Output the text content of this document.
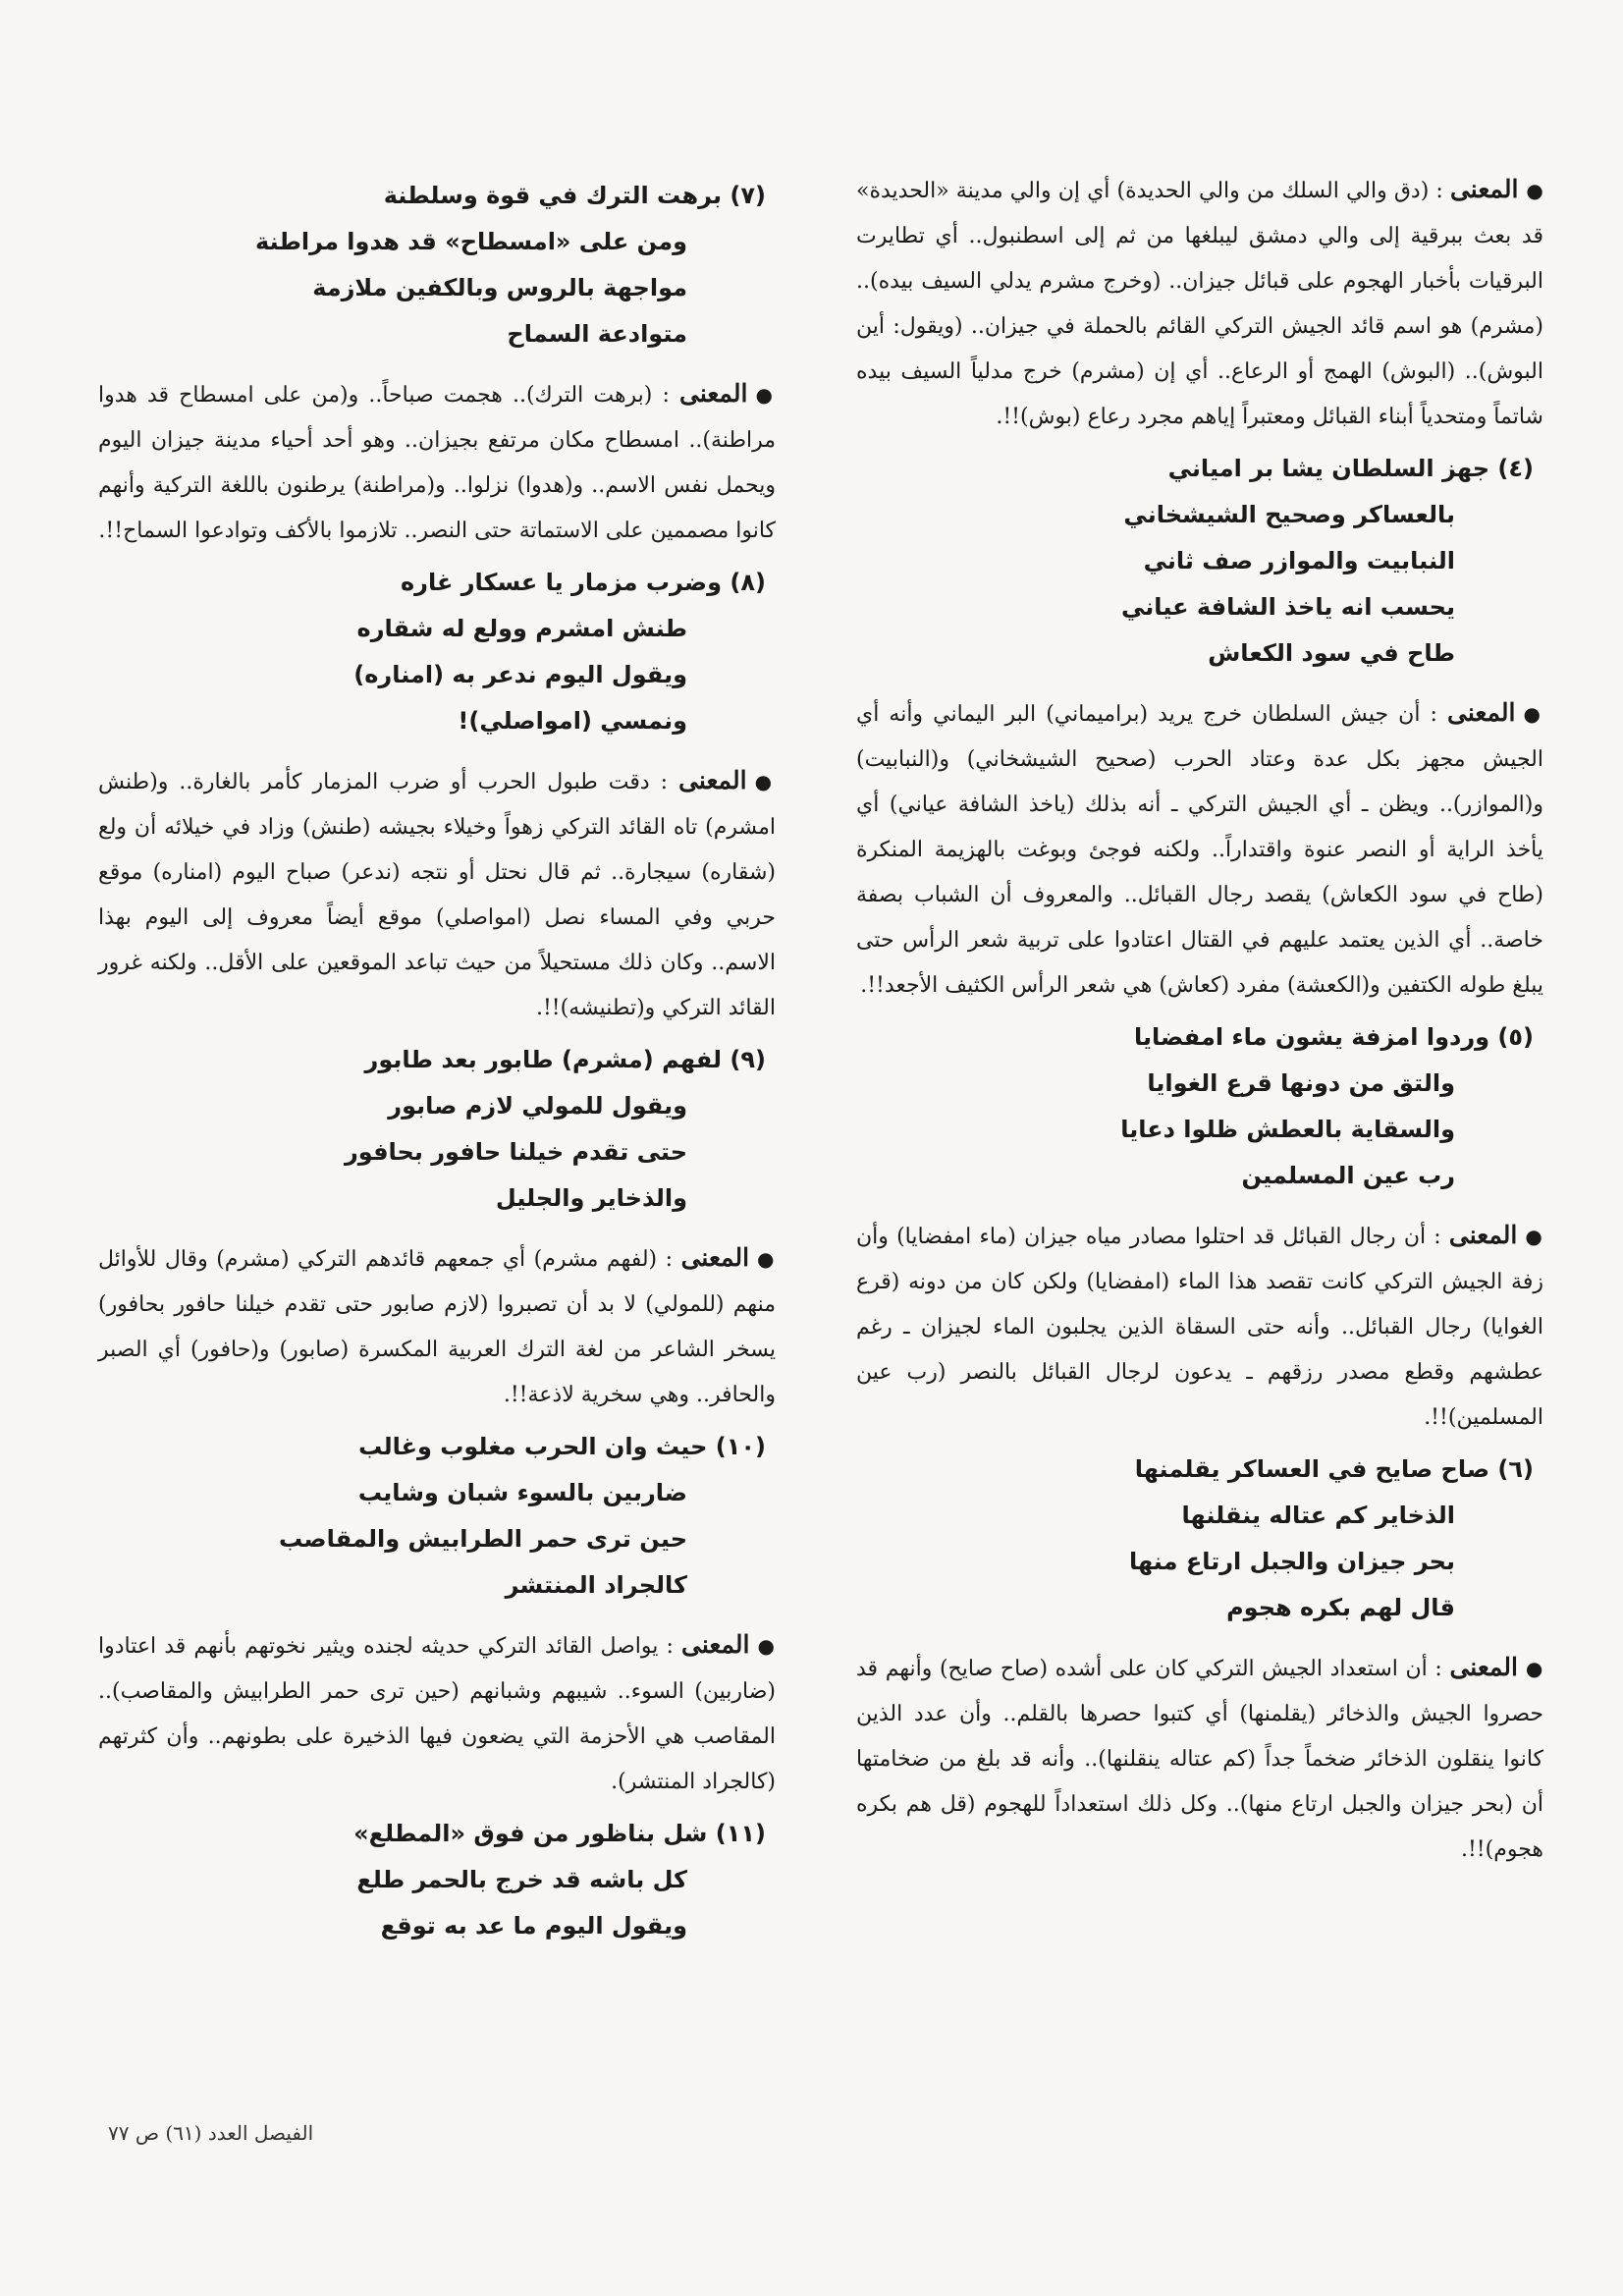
●المعنى : (دق والي السلك من والي الحديدة) أي إن والي مدينة «الحديدة» قد بعث ببرقية إلى والي دمشق ليبلغها من ثم إلى اسطنبول.. أي تطايرت البرقيات بأخبار الهجوم على قبائل جيزان.. (وخرج مشرم يدلي السيف بيده).. (مشرم) هو اسم قائد الجيش التركي القائم بالحملة في جيزان.. (ويقول: أين البوش).. (البوش) الهمج أو الرعاع.. أي إن (مشرم) خرج مدلياً السيف بيده شاتماً ومتحدياً أبناء القبائل ومعتبراً إياهم مجرد رعاع (بوش)!!.

(٤) جهز السلطان يشا بر امياني
بالعساكر وصحيح الشيشخاني
النبابيت والموازر صف ثاني
يحسب انه ياخذ الشافة عياني
طاح في سود الكعاش

●المعنى : أن جيش السلطان خرج يريد (براميماني) البر اليماني وأنه أي الجيش مجهز بكل عدة وعتاد الحرب (صحيح الشيشخاني) و(النبابيت) و(الموازر).. ويظن ـ أي الجيش التركي ـ أنه بذلك (ياخذ الشافة عياني) أي يأخذ الراية أو النصر عنوة واقتداراً.. ولكنه فوجئ وبوغت بالهزيمة المنكرة (طاح في سود الكعاش) يقصد رجال القبائل.. والمعروف أن الشباب بصفة خاصة.. أي الذين يعتمد عليهم في القتال اعتادوا على تربية شعر الرأس حتى يبلغ طوله الكتفين و(الكعشة) مفرد (كعاش) هي شعر الرأس الكثيف الأجعد!!.

(٥) وردوا امزفة يشون ماء امفضايا
والتق من دونها قرع الغوايا
والسقاية بالعطش ظلوا دعايا
رب عين المسلمين

●المعنى : أن رجال القبائل قد احتلوا مصادر مياه جيزان (ماء امفضايا) وأن زفة الجيش التركي كانت تقصد هذا الماء (امفضايا) ولكن كان من دونه (قرع الغوايا) رجال القبائل.. وأنه حتى السقاة الذين يجلبون الماء لجيزان ـ رغم عطشهم وقطع مصدر رزقهم ـ يدعون لرجال القبائل بالنصر (رب عين المسلمين)!!.

(٦) صاح صايح في العساكر يقلمنها
الذخاير كم عتاله ينقلنها
بحر جيزان والجبل ارتاع منها
قال لهم بكره هجوم

●المعنى : أن استعداد الجيش التركي كان على أشده (صاح صايح) وأنهم قد حصروا الجيش والذخائر (يقلمنها) أي كتبوا حصرها بالقلم.. وأن عدد الذين كانوا ينقلون الذخائر ضخماً جداً (كم عتاله ينقلنها).. وأنه قد بلغ من ضخامتها أن (بحر جيزان والجبل ارتاع منها).. وكل ذلك استعداداً للهجوم (قل هم بكره هجوم)!!.

(٧) برهت الترك في قوة وسلطنة
ومن على «امسطاح» قد هدوا مراطنة
مواجهة بالروس وبالكفين ملازمة
متوادعة السماح

●المعنى : (برهت الترك).. هجمت صباحاً.. و(من على امسطاح قد هدوا مراطنة).. امسطاح مكان مرتفع بجيزان.. وهو أحد أحياء مدينة جيزان اليوم ويحمل نفس الاسم.. و(هدوا) نزلوا.. و(مراطنة) يرطنون باللغة التركية وأنهم كانوا مصممين على الاستماتة حتى النصر.. تلازموا بالأكف وتوادعوا السماح!!.

(٨) وضرب مزمار يا عسكار غاره
طنش امشرم وولع له شقاره
ويقول اليوم ندعر به (امناره)
ونمسي (امواصلي)!

●المعنى : دقت طبول الحرب أو ضرب المزمار كأمر بالغارة.. و(طنش امشرم) تاه القائد التركي زهواً وخيلاء بجيشه (طنش) وزاد في خيلائه أن ولع (شقاره) سيجارة.. ثم قال نحتل أو نتجه (ندعر) صباح اليوم (امناره) موقع حربي وفي المساء نصل (امواصلي) موقع أيضاً معروف إلى اليوم بهذا الاسم.. وكان ذلك مستحيلاً من حيث تباعد الموقعين على الأقل.. ولكنه غرور القائد التركي و(تطنيشه)!!.

(٩) لفهم (مشرم) طابور بعد طابور
ويقول للمولي لازم صابور
حتى تقدم خيلنا حافور بحافور
والذخاير والجليل

●المعنى : (لفهم مشرم) أي جمعهم قائدهم التركي (مشرم) وقال للأوائل منهم (للمولي) لا بد أن تصبروا (لازم صابور حتى تقدم خيلنا حافور بحافور) يسخر الشاعر من لغة الترك العربية المكسرة (صابور) و(حافور) أي الصبر والحافر.. وهي سخرية لاذعة!!.

(١٠) حيث وان الحرب مغلوب وغالب
ضاربين بالسوء شبان وشايب
حين ترى حمر الطرابيش والمقاصب
كالجراد المنتشر

●المعنى : يواصل القائد التركي حديثه لجنده ويثير نخوتهم بأنهم قد اعتادوا (ضاربين) السوء.. شيبهم وشبانهم (حين ترى حمر الطرابيش والمقاصب).. المقاصب هي الأحزمة التي يضعون فيها الذخيرة على بطونهم.. وأن كثرتهم (كالجراد المنتشر).

(١١) شل بناظور من فوق «المطلع»
كل باشه قد خرج بالحمر طلع
ويقول اليوم ما عد به توقع
الفيصل العدد (٦١) ص ٧٧
